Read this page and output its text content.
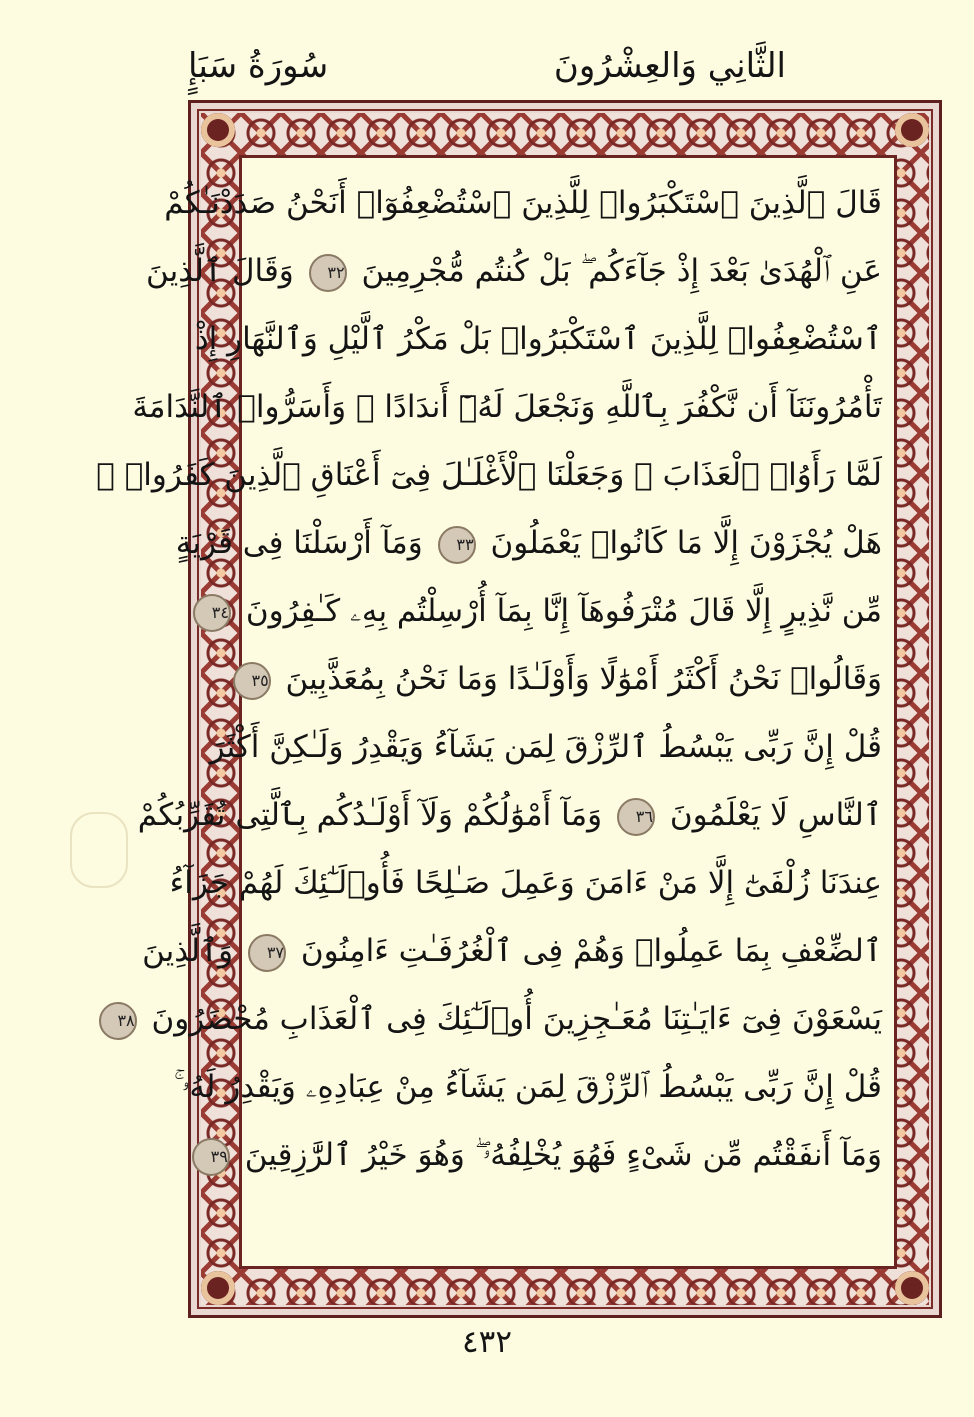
الثَّانِي وَالعِشْرُونَ
سُورَةُ سَبَإٍ
قَالَ ٱلَّذِينَ ٱسْتَكْبَرُوا۟ لِلَّذِينَ ٱسْتُضْعِفُوٓا۟ أَنَحْنُ صَدَدْنَـٰكُمْ
عَنِ ٱلْهُدَىٰ بَعْدَ إِذْ جَآءَكُم ۖ بَلْ كُنتُم مُّجْرِمِينَ ٣٢ وَقَالَ ٱلَّذِينَ
ٱسْتُضْعِفُوا۟ لِلَّذِينَ ٱسْتَكْبَرُوا۟ بَلْ مَكْرُ ٱلَّيْلِ وَٱلنَّهَارِ إِذْ
تَأْمُرُونَنَآ أَن نَّكْفُرَ بِٱللَّهِ وَنَجْعَلَ لَهُۥٓ أَندَادًا ۚ وَأَسَرُّوا۟ ٱلنَّدَامَةَ
لَمَّا رَأَوُا۟ ٱلْعَذَابَ ۚ وَجَعَلْنَا ٱلْأَغْلَـٰلَ فِىٓ أَعْنَاقِ ٱلَّذِينَ كَفَرُوا۟ ۚ
هَلْ يُجْزَوْنَ إِلَّا مَا كَانُوا۟ يَعْمَلُونَ ٣٣ وَمَآ أَرْسَلْنَا فِى قَرْيَةٍ
مِّن نَّذِيرٍ إِلَّا قَالَ مُتْرَفُوهَآ إِنَّا بِمَآ أُرْسِلْتُم بِهِۦ كَـٰفِرُونَ ٣٤
وَقَالُوا۟ نَحْنُ أَكْثَرُ أَمْوَٰلًا وَأَوْلَـٰدًا وَمَا نَحْنُ بِمُعَذَّبِينَ ٣٥
قُلْ إِنَّ رَبِّى يَبْسُطُ ٱلرِّزْقَ لِمَن يَشَآءُ وَيَقْدِرُ وَلَـٰكِنَّ أَكْثَرَ
ٱلنَّاسِ لَا يَعْلَمُونَ ٣٦ وَمَآ أَمْوَٰلُكُمْ وَلَآ أَوْلَـٰدُكُم بِٱلَّتِى تُقَرِّبُكُمْ
عِندَنَا زُلْفَىٰٓ إِلَّا مَنْ ءَامَنَ وَعَمِلَ صَـٰلِحًا فَأُو۟لَـٰٓئِكَ لَهُمْ جَزَآءُ
ٱلضِّعْفِ بِمَا عَمِلُوا۟ وَهُمْ فِى ٱلْغُرُفَـٰتِ ءَامِنُونَ ٣٧ وَٱلَّذِينَ
يَسْعَوْنَ فِىٓ ءَايَـٰتِنَا مُعَـٰجِزِينَ أُو۟لَـٰٓئِكَ فِى ٱلْعَذَابِ مُحْضَرُونَ ٣٨
قُلْ إِنَّ رَبِّى يَبْسُطُ ٱلرِّزْقَ لِمَن يَشَآءُ مِنْ عِبَادِهِۦ وَيَقْدِرُ لَهُۥ ۚ
وَمَآ أَنفَقْتُم مِّن شَىْءٍ فَهُوَ يُخْلِفُهُۥ ۖ وَهُوَ خَيْرُ ٱلرَّٰزِقِينَ ٣٩
٤٣٢
